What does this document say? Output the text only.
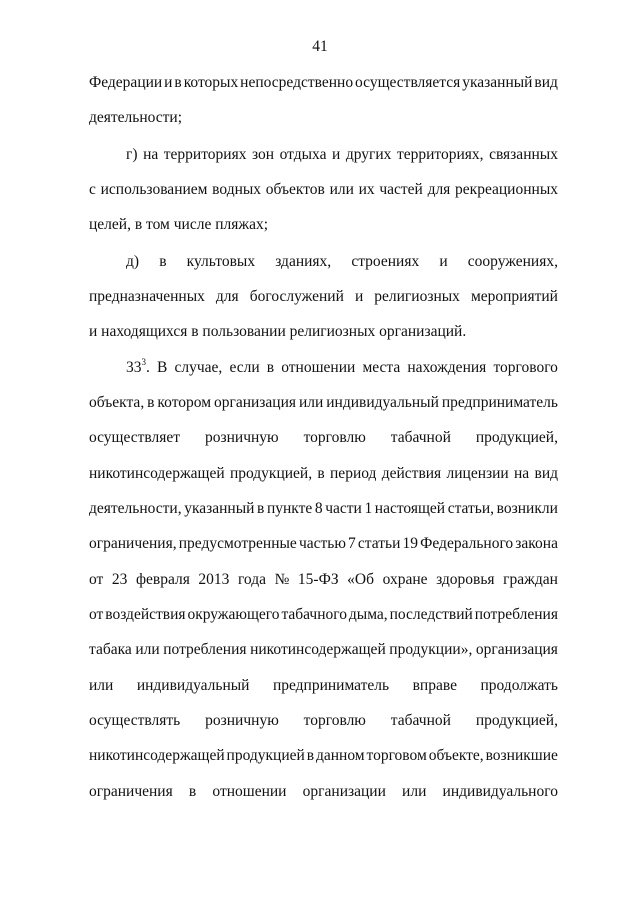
41
Федерации и в которых непосредственно осуществляется указанный вид
деятельности;
г) на территориях зон отдыха и других территориях, связанных
с использованием водных объектов или их частей для рекреационных
целей, в том числе пляжах;
д) в культовых зданиях, строениях и сооружениях,
предназначенных для богослужений и религиозных мероприятий
и находящихся в пользовании религиозных организаций.
$33^3$. В случае, если в отношении места нахождения торгового
объекта, в котором организация или индивидуальный предприниматель
осуществляет розничную торговлю табачной продукцией,
никотинсодержащей продукцией, в период действия лицензии на вид
деятельности, указанный в пункте 8 части 1 настоящей статьи, возникли
ограничения, предусмотренные частью 7 статьи 19 Федерального закона
от 23 февраля 2013 года № 15-ФЗ «Об охране здоровья граждан
от воздействия окружающего табачного дыма, последствий потребления
табака или потребления никотинсодержащей продукции», организация
или индивидуальный предприниматель вправе продолжать
осуществлять розничную торговлю табачной продукцией,
никотинсодержащей продукцией в данном торговом объекте, возникшие
ограничения в отношении организации или индивидуального
